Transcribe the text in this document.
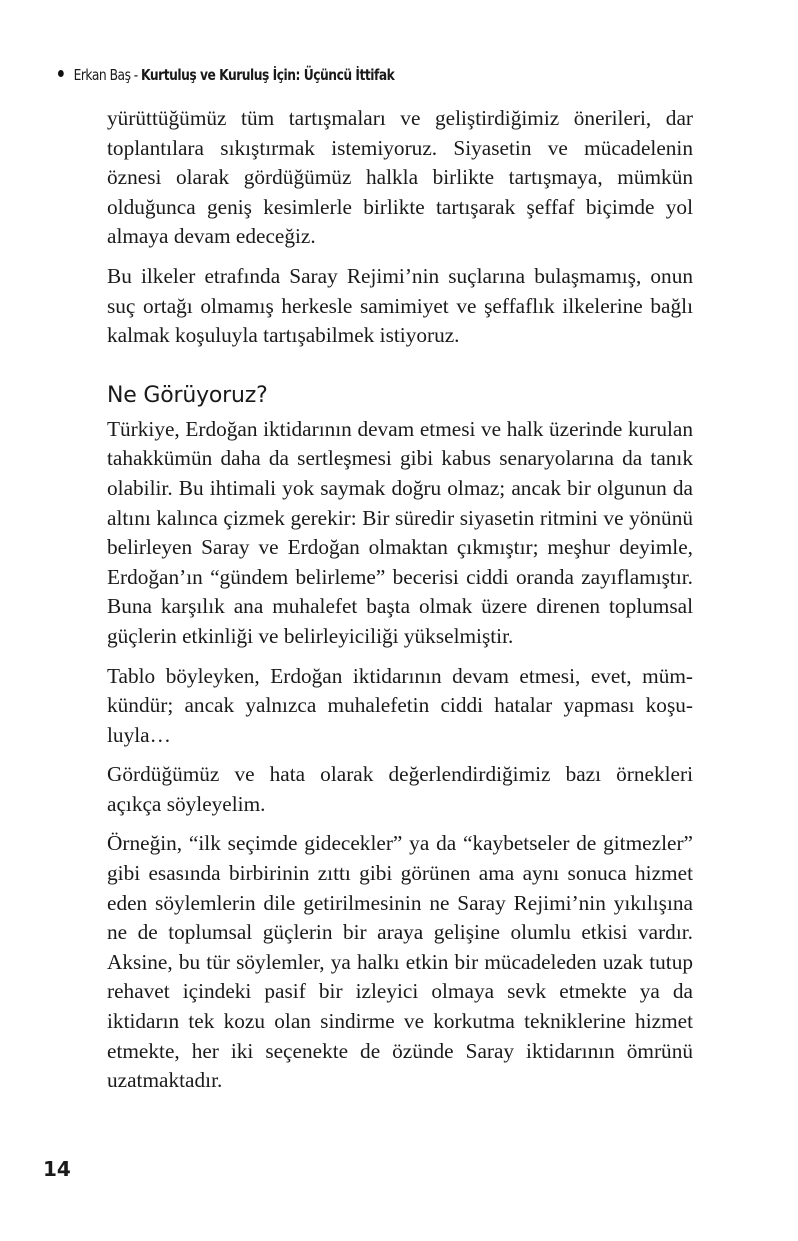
Erkan Baş - Kurtuluş ve Kuruluş İçin: Üçüncü İttifak

yürüttüğümüz tüm tartışmaları ve geliştirdiğimiz önerileri, dar toplantılara sıkıştırmak istemiyoruz. Siyasetin ve mücadelenin öznesi olarak gördüğümüz halkla birlikte tartışmaya, mümkün olduğunca geniş kesimlerle birlikte tartışarak şeffaf biçimde yol almaya devam edeceğiz.

Bu ilkeler etrafında Saray Rejimi’nin suçlarına bulaşmamış, onun suç ortağı olmamış herkesle samimiyet ve şeffaflık ilkelerine bağlı kalmak koşuluyla tartışabilmek istiyoruz.

Ne Görüyoruz?

Türkiye, Erdoğan iktidarının devam etmesi ve halk üzerinde kurulan tahakkümün daha da sertleşmesi gibi kabus senaryolarına da tanık olabilir. Bu ihtimali yok saymak doğru olmaz; ancak bir olgunun da altını kalınca çizmek gerekir: Bir süredir siyasetin ritmini ve yönünü belirleyen Saray ve Erdoğan olmaktan çıkmıştır; meşhur deyimle, Erdoğan’ın “gündem belirleme” becerisi ciddi oranda zayıflamıştır. Buna karşılık ana muhalefet başta olmak üzere direnen toplumsal güçlerin etkinliği ve belirleyiciliği yükselmiştir.

Tablo böyleyken, Erdoğan iktidarının devam etmesi, evet, mümkündür; ancak yalnızca muhalefetin ciddi hatalar yapması koşuluyla…

Gördüğümüz ve hata olarak değerlendirdiğimiz bazı örnekleri açıkça söyleyelim.

Örneğin, “ilk seçimde gidecekler” ya da “kaybetseler de gitmezler” gibi esasında birbirinin zıttı gibi görünen ama aynı sonuca hizmet eden söylemlerin dile getirilmesinin ne Saray Rejimi’nin yıkılışına ne de toplumsal güçlerin bir araya gelişine olumlu etkisi vardır. Aksine, bu tür söylemler, ya halkı etkin bir mücadeleden uzak tutup rehavet içindeki pasif bir izleyici olmaya sevk etmekte ya da iktidarın tek kozu olan sindirme ve korkutma tekniklerine hizmet etmekte, her iki seçenekte de özünde Saray iktidarının ömrünü uzatmaktadır.

14
